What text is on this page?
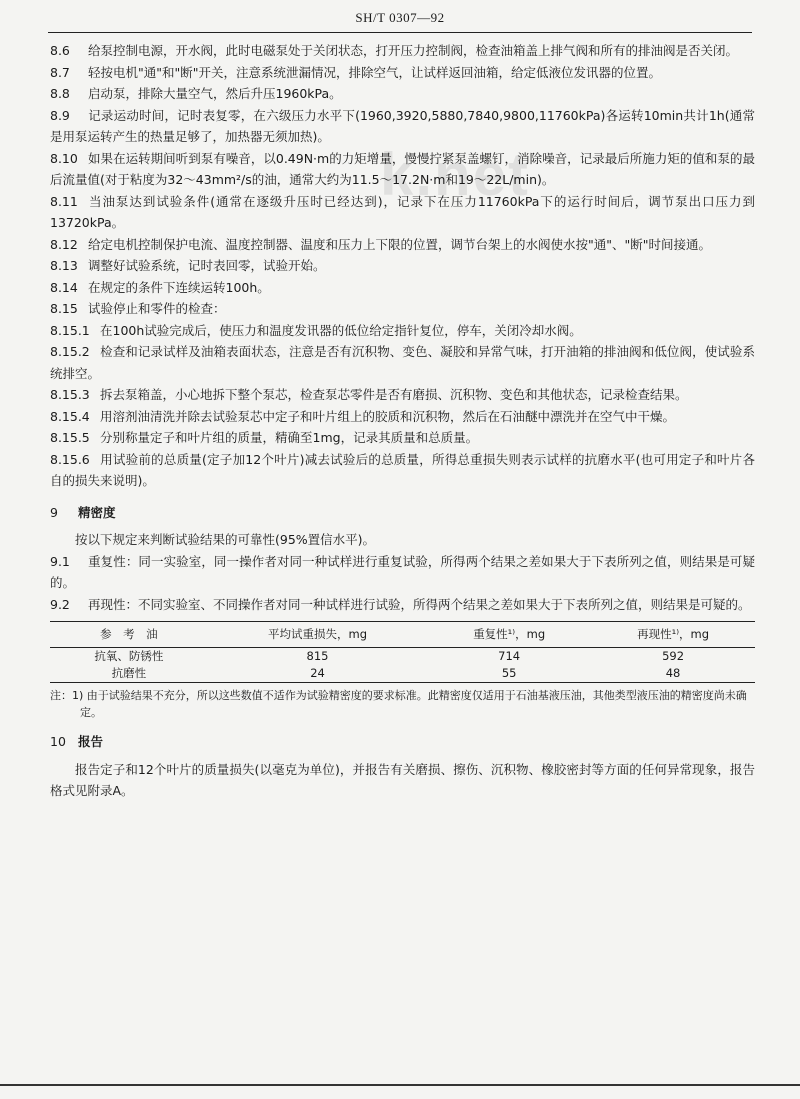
SH/T 0307—92
k.net

8.6 给泵控制电源，开水阀，此时电磁泵处于关闭状态，打开压力控制阀，检查油箱盖上排气阀和所有的排油阀是否关闭。

8.7 轻按电机"通"和"断"开关，注意系统泄漏情况，排除空气，让试样返回油箱，给定低液位发讯器的位置。

8.8 启动泵，排除大量空气，然后升压1960kPa。

8.9 记录运动时间，记时表复零，在六级压力水平下(1960,3920,5880,7840,9800,11760kPa)各运转10min共计1h(通常是用泵运转产生的热量足够了，加热器无须加热)。

8.10 如果在运转期间听到泵有噪音，以0.49N·m的力矩增量，慢慢拧紧泵盖螺钉，消除噪音，记录最后所施力矩的值和泵的最后流量值(对于粘度为32～43mm²/s的油，通常大约为11.5～17.2N·m和19～22L/min)。

8.11 当油泵达到试验条件(通常在逐级升压时已经达到)，记录下在压力11760kPa下的运行时间后，调节泵出口压力到13720kPa。

8.12 给定电机控制保护电流、温度控制器、温度和压力上下限的位置，调节台架上的水阀使水按"通"、"断"时间接通。

8.13 调整好试验系统，记时表回零，试验开始。

8.14 在规定的条件下连续运转100h。

8.15 试验停止和零件的检查：

8.15.1 在100h试验完成后，使压力和温度发讯器的低位给定指针复位，停车，关闭冷却水阀。

8.15.2 检查和记录试样及油箱表面状态，注意是否有沉积物、变色、凝胶和异常气味，打开油箱的排油阀和低位阀，使试验系统排空。

8.15.3 拆去泵箱盖，小心地拆下整个泵芯，检查泵芯零件是否有磨损、沉积物、变色和其他状态，记录检查结果。

8.15.4 用溶剂油清洗并除去试验泵芯中定子和叶片组上的胶质和沉积物，然后在石油醚中漂洗并在空气中干燥。

8.15.5 分别称量定子和叶片组的质量，精确至1mg，记录其质量和总质量。

8.15.6 用试验前的总质量(定子加12个叶片)减去试验后的总质量，所得总重损失则表示试样的抗磨水平(也可用定子和叶片各自的损失来说明)。

9 精密度

按以下规定来判断试验结果的可靠性(95%置信水平)。

9.1 重复性：同一实验室，同一操作者对同一种试样进行重复试验，所得两个结果之差如果大于下表所列之值，则结果是可疑的。

9.2 再现性：不同实验室、不同操作者对同一种试样进行试验，所得两个结果之差如果大于下表所列之值，则结果是可疑的。

参　考　油	平均试重损失，mg	重复性¹⁾，mg	再现性¹⁾，mg
抗氧、防锈性	815	714	592
抗磨性	24	55	48

注：1) 由于试验结果不充分，所以这些数值不适作为试验精密度的要求标准。此精密度仅适用于石油基液压油，其他类型液压油的精密度尚未确定。

10 报告

报告定子和12个叶片的质量损失(以毫克为单位)，并报告有关磨损、擦伤、沉积物、橡胶密封等方面的任何异常现象，报告格式见附录A。
